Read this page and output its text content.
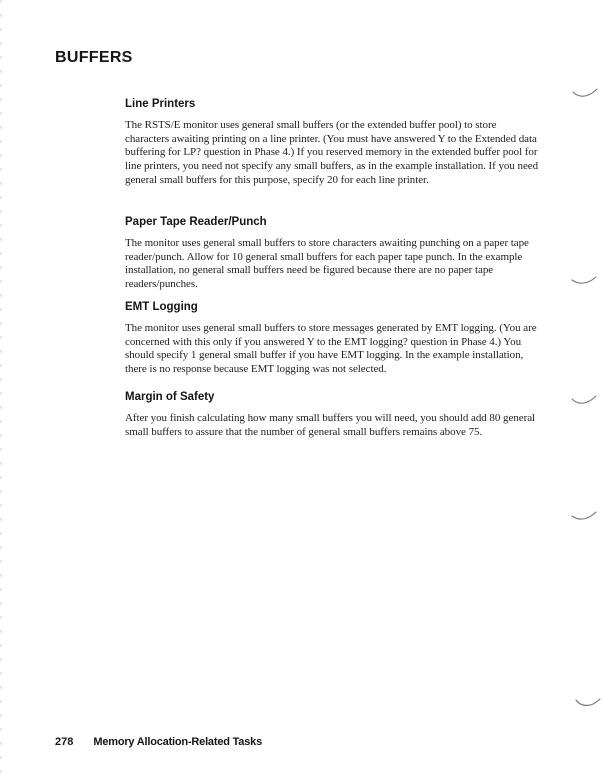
BUFFERS
Line Printers

The RSTS/E monitor uses general small buffers (or the extended buffer pool) to store characters awaiting printing on a line printer. (You must have answered Y to the Extended data buffering for LP? question in Phase 4.) If you reserved memory in the extended buffer pool for line printers, you need not specify any small buffers, as in the example installation. If you need general small buffers for this purpose, specify 20 for each line printer.

Paper Tape Reader/Punch

The monitor uses general small buffers to store characters awaiting punching on a paper tape reader/punch. Allow for 10 general small buffers for each paper tape punch. In the example installation, no general small buffers need be figured because there are no paper tape readers/punches.

EMT Logging

The monitor uses general small buffers to store messages generated by EMT logging. (You are concerned with this only if you answered Y to the EMT logging? question in Phase 4.) You should specify 1 general small buffer if you have EMT logging. In the example installation, there is no response because EMT logging was not selected.

Margin of Safety

After you finish calculating how many small buffers you will need, you should add 80 general small buffers to assure that the number of general small buffers remains above 75.

278 Memory Allocation-Related Tasks
